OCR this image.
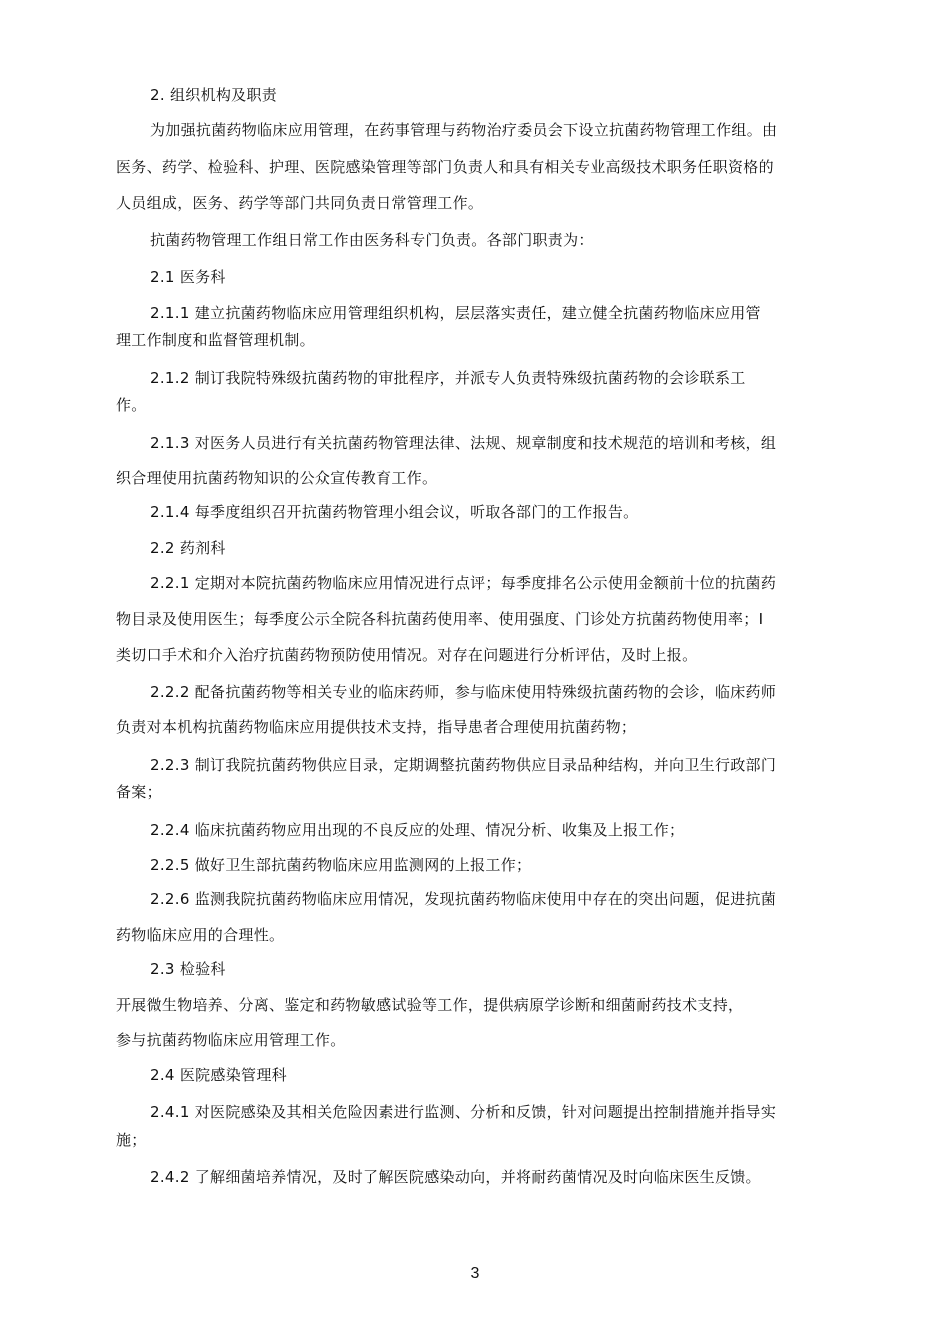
2. 组织机构及职责
为加强抗菌药物临床应用管理，在药事管理与药物治疗委员会下设立抗菌药物管理工作组。由
医务、药学、检验科、护理、医院感染管理等部门负责人和具有相关专业高级技术职务任职资格的
人员组成，医务、药学等部门共同负责日常管理工作。
抗菌药物管理工作组日常工作由医务科专门负责。各部门职责为：
2.1 医务科
2.1.1 建立抗菌药物临床应用管理组织机构，层层落实责任，建立健全抗菌药物临床应用管
理工作制度和监督管理机制。
2.1.2 制订我院特殊级抗菌药物的审批程序，并派专人负责特殊级抗菌药物的会诊联系工
作。
2.1.3 对医务人员进行有关抗菌药物管理法律、法规、规章制度和技术规范的培训和考核，组
织合理使用抗菌药物知识的公众宣传教育工作。
2.1.4 每季度组织召开抗菌药物管理小组会议，听取各部门的工作报告。
2.2 药剂科
2.2.1 定期对本院抗菌药物临床应用情况进行点评；每季度排名公示使用金额前十位的抗菌药
物目录及使用医生；每季度公示全院各科抗菌药使用率、使用强度、门诊处方抗菌药物使用率；Ⅰ
类切口手术和介入治疗抗菌药物预防使用情况。对存在问题进行分析评估，及时上报。
2.2.2 配备抗菌药物等相关专业的临床药师，参与临床使用特殊级抗菌药物的会诊，临床药师
负责对本机构抗菌药物临床应用提供技术支持，指导患者合理使用抗菌药物；
2.2.3 制订我院抗菌药物供应目录，定期调整抗菌药物供应目录品种结构，并向卫生行政部门
备案；
2.2.4 临床抗菌药物应用出现的不良反应的处理、情况分析、收集及上报工作；
2.2.5 做好卫生部抗菌药物临床应用监测网的上报工作；
2.2.6 监测我院抗菌药物临床应用情况，发现抗菌药物临床使用中存在的突出问题，促进抗菌
药物临床应用的合理性。
2.3 检验科
开展微生物培养、分离、鉴定和药物敏感试验等工作，提供病原学诊断和细菌耐药技术支持，
参与抗菌药物临床应用管理工作。
2.4 医院感染管理科
2.4.1 对医院感染及其相关危险因素进行监测、分析和反馈，针对问题提出控制措施并指导实
施；
2.4.2 了解细菌培养情况，及时了解医院感染动向，并将耐药菌情况及时向临床医生反馈。
3
